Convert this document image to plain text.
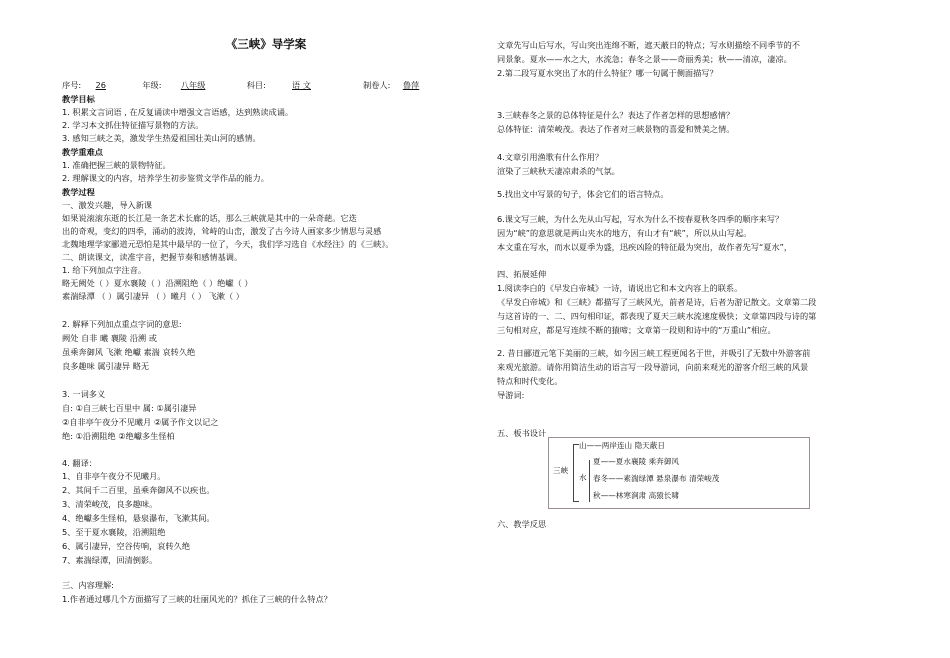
《三峡》导学案
序号: 26	年级: 八年级	科目:	语 文	制卷人: 鲁萍
教学目标
1. 积累文言词语 , 在反复诵读中增强文言语感，达到熟读成诵。
2. 学习本文抓住特征描写景物的方法。
3. 感知三峡之美，激发学生热爱祖国壮美山河的感情。
教学重难点
1. 准确把握三峡的景物特征。
2. 理解课文的内容，培养学生初步鉴赏文学作品的能力。
教学过程
一、激发兴趣，导入新课
如果说滚滚东逝的长江是一条艺术长廊的话，那么三峡就是其中的一朵奇葩。它迭
出的奇观，变幻的四季，涌动的波涛，耸峙的山峦，激发了古今诗人画家多少情思与灵感
北魏地理学家郦道元恐怕是其中最早的一位了，今天，我们学习选自《水经注》的《三峡》。
二、朗读课文，读准字音，把握节奏和感情基调。
1. 给下列加点字注音。
略无阙处（ ）夏水襄陵（ ）沿溯阻绝（ ）绝巘（ ）
素湍绿潭 （ ）属引凄异 （ ）曦月（ ） 飞漱（ ）
2. 解释下列加点重点字词的意思:
阙处 自非 曦 襄陵 沿溯 或
虽乘奔御风 飞漱 绝巘 素湍 哀转久绝
良多趣味 属引凄异 略无
3. 一词多义
自: ①自三峡七百里中 属: ①属引凄异
②自非亭午夜分不见曦月 ②属予作文以记之
绝: ①沿溯阻绝 ②绝巘多生怪柏
4. 翻译：
1、自非亭午夜分不见曦月。
2、其间千二百里，虽乘奔御风不以疾也。
3、清荣峻茂，良多趣味。
4、绝巘多生怪柏，悬泉瀑布，飞漱其间。
5、至于夏水襄陵，沿溯阻绝
6、属引凄异，空谷传响，哀转久绝
7、素湍绿潭，回清倒影。
三、内容理解:
1.作者通过哪几个方面描写了三峡的壮丽风光的？抓住了三峡的什么特点？
文章先写山后写水，写山突出连绵不断，遮天蔽日的特点；写水则描绘不同季节的不
同景象。夏水——水之大，水流急；春冬之景——奇丽秀美；秋——清凉，凄凉。
2.第二段写夏水突出了水的什么特征？哪一句属于侧面描写？
3.三峡春冬之景的总体特征是什么？表达了作者怎样的思想感情？
总体特征：清荣峻茂。表达了作者对三峡景物的喜爱和赞美之情。
4.文章引用渔歌有什么作用？
渲染了三峡秋天凄凉肃杀的气氛。
5.找出文中写景的句子，体会它们的语言特点。
6.课文写三峡，为什么先从山写起，写水为什么不按春夏秋冬四季的顺序来写？
因为“峡”的意思就是两山夹水的地方，有山才有“峡”，所以从山写起。
本文重在写水，而水以夏季为盛，迅疾凶险的特征最为突出，故作者先写“夏水”，
四、拓展延伸
1.阅读李白的《早发白帝城》一诗，请说出它和本文内容上的联系。
《早发白帝城》和《三峡》都描写了三峡风光，前者是诗，后者为游记散文。文章第二段
与这首诗的一、二、四句相印证，都表现了夏天三峡水流速度极快；文章第四段与诗的第
三句相对应，都是写连续不断的猿啼；文章第一段则和诗中的“万重山”相应。
2. 昔日郦道元笔下美丽的三峡，如今因三峡工程更闻名于世，并吸引了无数中外游客前
来观光旅游。请你用简洁生动的语言写一段导游词，向前来观光的游客介绍三峡的风景
特点和时代变化。
导游词:
五、板书设计
三峡
山——两岸连山 隐天蔽日
水
夏——夏水襄陵 乘奔御风
春冬——素湍绿潭 悬泉瀑布 清荣峻茂
秋——林寒涧肃 高猿长啸
六、教学反思
